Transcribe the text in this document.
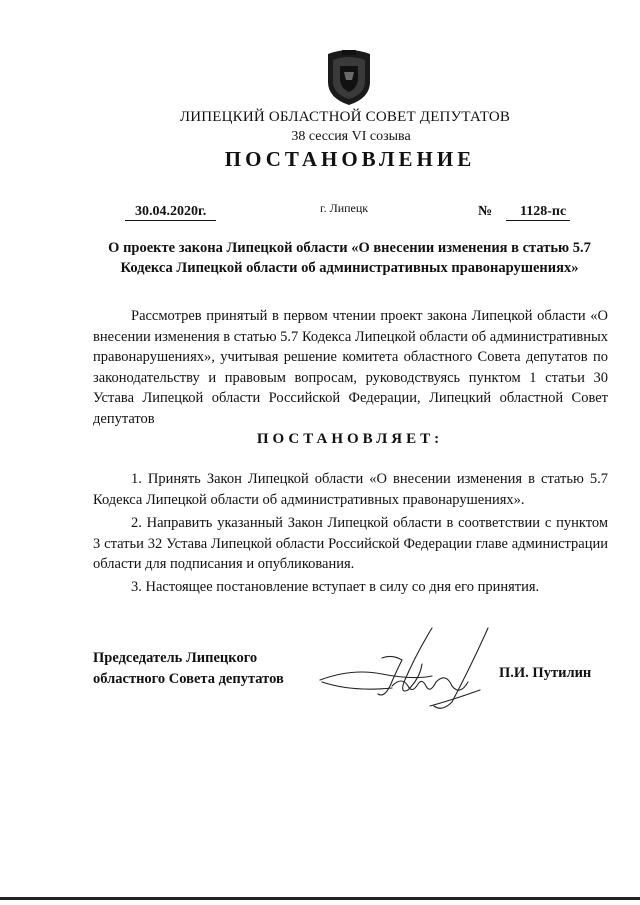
ЛИПЕЦКИЙ ОБЛАСТНОЙ СОВЕТ ДЕПУТАТОВ
38 сессия VI созыва
ПОСТАНОВЛЕНИЕ
30.04.2020г.	г. Липецк	№	1128-пс
О проекте закона Липецкой области «О внесении изменения в статью 5.7 Кодекса Липецкой области об административных правонарушениях»
Рассмотрев принятый в первом чтении проект закона Липецкой области «О внесении изменения в статью 5.7 Кодекса Липецкой области об административных правонарушениях», учитывая решение комитета областного Совета депутатов по законодательству и правовым вопросам, руководствуясь пунктом 1 статьи 30 Устава Липецкой области Российской Федерации, Липецкий областной Совет депутатов
ПОСТАНОВЛЯЕТ:
1. Принять Закон Липецкой области «О внесении изменения в статью 5.7 Кодекса Липецкой области об административных правонарушениях».
2. Направить указанный Закон Липецкой области в соответствии с пунктом 3 статьи 32 Устава Липецкой области Российской Федерации главе администрации области для подписания и опубликования.
3. Настоящее постановление вступает в силу со дня его принятия.
Председатель Липецкого
областного Совета депутатов	П.И. Путилин
